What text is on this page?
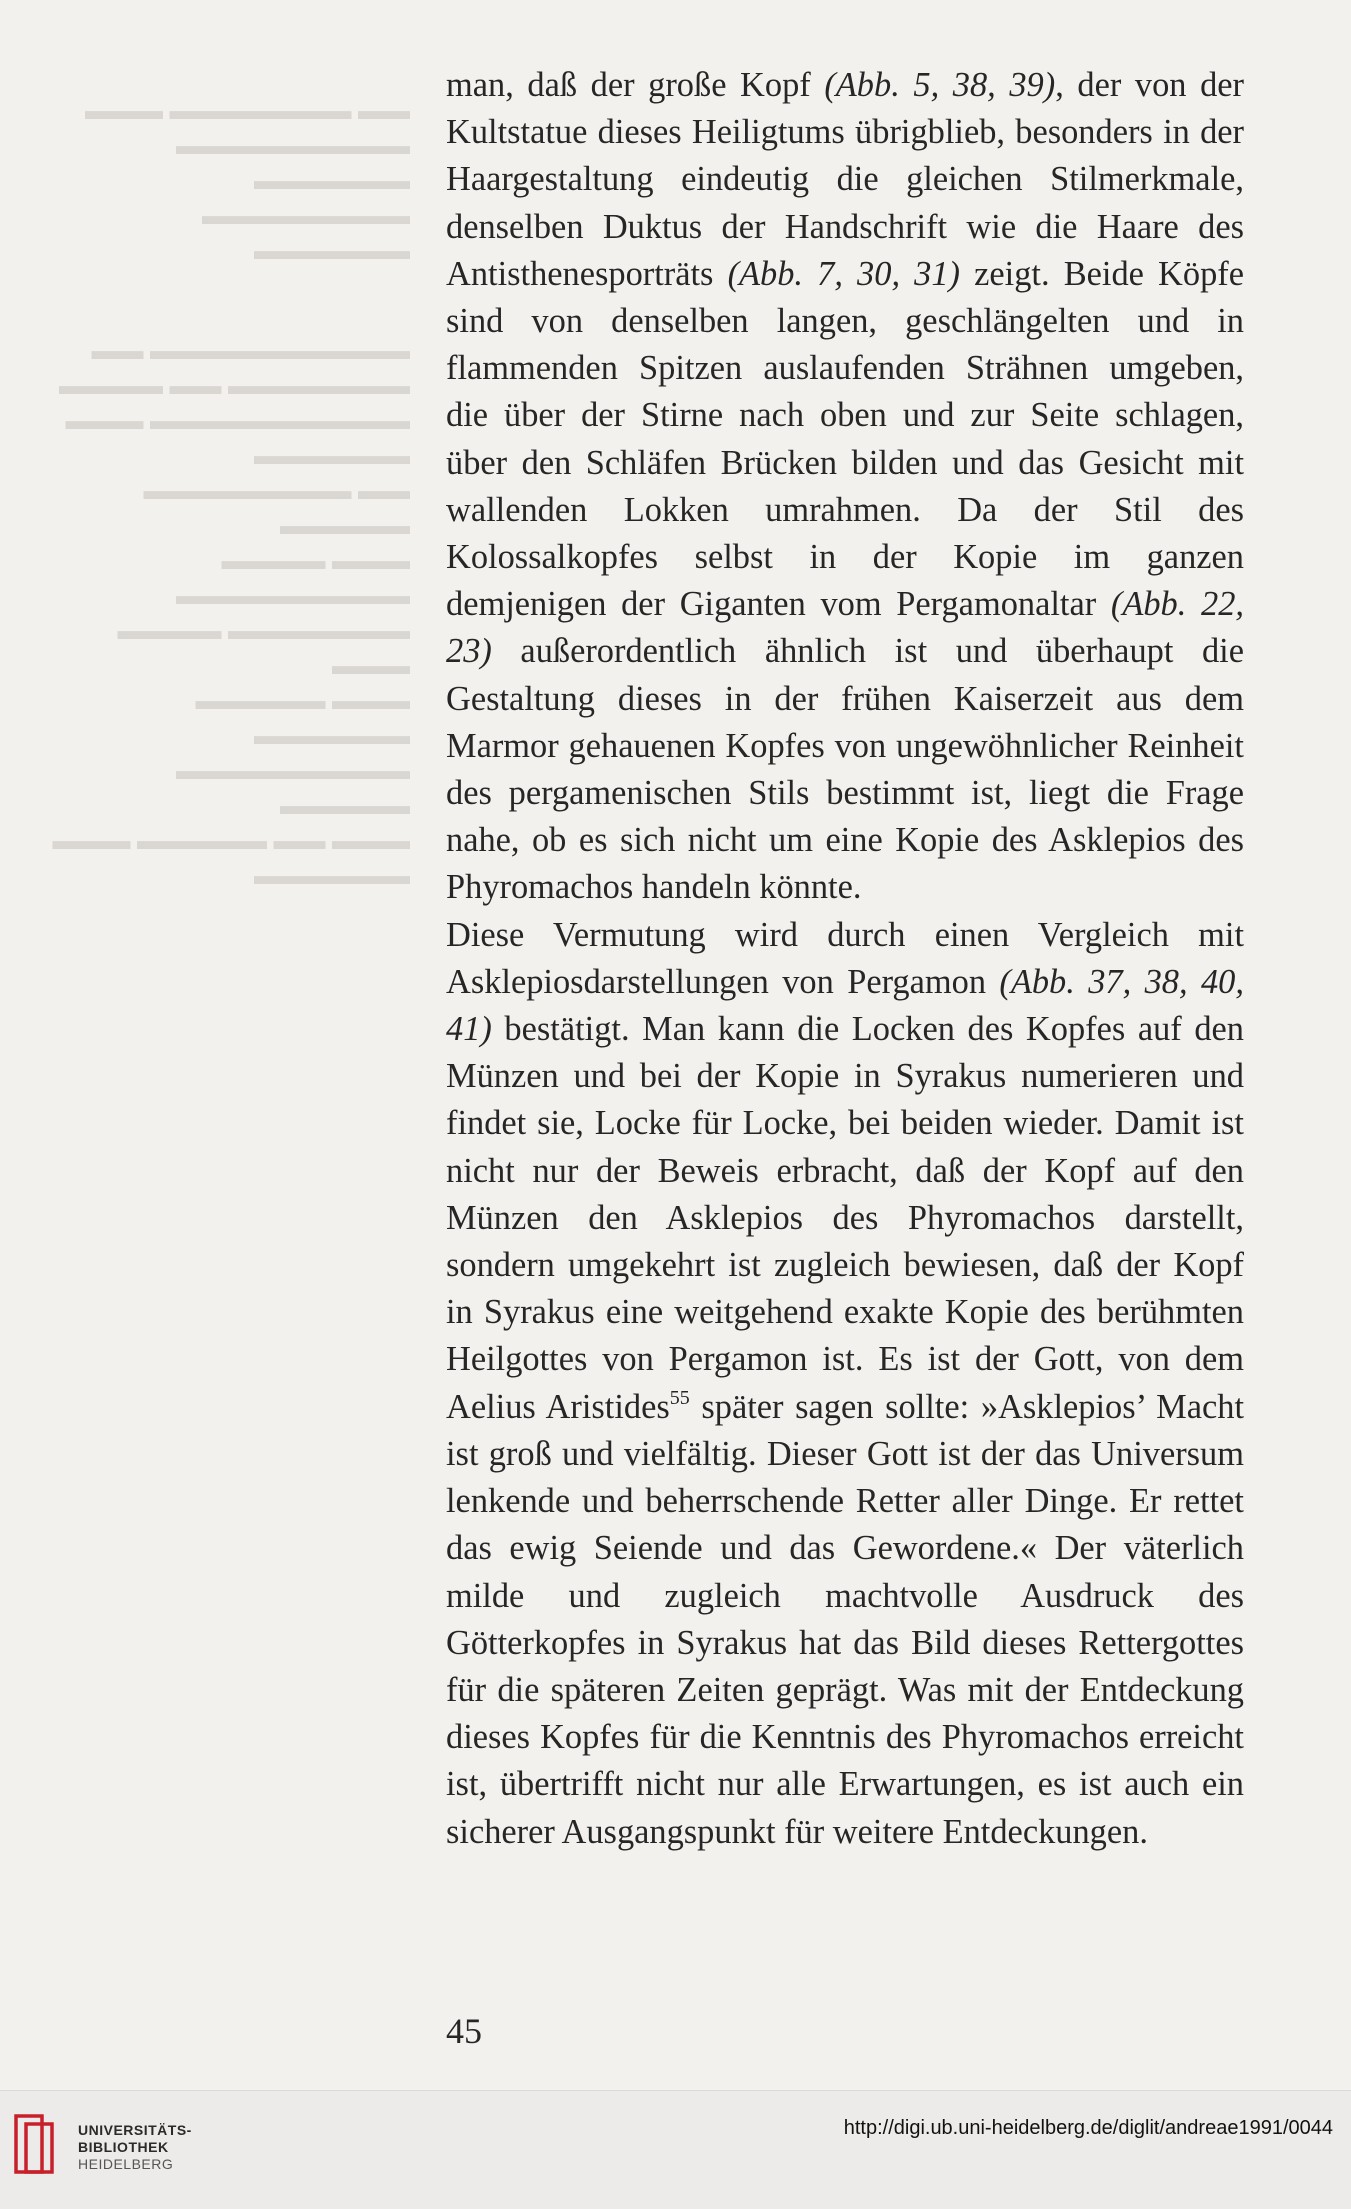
▬▬▬ ▬▬▬▬▬▬▬ ▬▬
▬▬▬▬▬▬▬▬▬ ▬▬▬▬▬▬
▬▬▬▬▬▬▬▬ ▬▬▬▬▬▬

▬▬ ▬▬▬▬▬▬▬▬▬▬
▬▬▬▬ ▬▬ ▬▬▬▬▬▬▬
▬▬▬ ▬▬▬▬▬▬▬▬▬▬
▬▬▬▬▬▬
▬▬▬▬▬▬▬▬ ▬▬ ▬▬▬▬▬
▬▬▬▬ ▬▬▬ ▬▬▬▬▬▬▬▬▬
▬▬▬▬ ▬▬▬▬▬▬▬ ▬▬▬
▬▬▬▬▬ ▬▬▬ ▬▬▬▬▬▬
▬▬▬▬▬▬▬▬▬ ▬▬▬▬▬
▬▬▬ ▬▬▬▬▬ ▬▬ ▬▬▬
▬▬▬▬▬▬

man, daß der große Kopf (Abb. 5, 38, 39), der von der Kultstatue dieses Heiligtums übrigblieb, besonders in der Haargestaltung eindeutig die gleichen Stilmerkmale, denselben Duktus der Handschrift wie die Haare des Antisthenesporträts (Abb. 7, 30, 31) zeigt. Beide Köpfe sind von denselben langen, geschlängelten und in flammenden Spitzen auslaufenden Strähnen umgeben, die über der Stirne nach oben und zur Seite schlagen, über den Schläfen Brücken bilden und das Gesicht mit wallenden Lokken umrahmen. Da der Stil des Kolossalkopfes selbst in der Kopie im ganzen demjenigen der Giganten vom Pergamonaltar (Abb. 22, 23) außerordentlich ähnlich ist und überhaupt die Gestaltung dieses in der frühen Kaiserzeit aus dem Marmor gehauenen Kopfes von ungewöhnlicher Reinheit des pergamenischen Stils bestimmt ist, liegt die Frage nahe, ob es sich nicht um eine Kopie des Asklepios des Phyromachos handeln könnte.

Diese Vermutung wird durch einen Vergleich mit Asklepiosdarstellungen von Pergamon (Abb. 37, 38, 40, 41) bestätigt. Man kann die Locken des Kopfes auf den Münzen und bei der Kopie in Syrakus numerieren und findet sie, Locke für Locke, bei beiden wieder. Damit ist nicht nur der Beweis erbracht, daß der Kopf auf den Münzen den Asklepios des Phyromachos darstellt, sondern umgekehrt ist zugleich bewiesen, daß der Kopf in Syrakus eine weitgehend exakte Kopie des berühmten Heilgottes von Pergamon ist. Es ist der Gott, von dem Aelius Aristides$^{55}$ später sagen sollte: »Asklepios’ Macht ist groß und vielfältig. Dieser Gott ist der das Universum lenkende und beherrschende Retter aller Dinge. Er rettet das ewig Seiende und das Gewordene.« Der väterlich milde und zugleich machtvolle Ausdruck des Götterkopfes in Syrakus hat das Bild dieses Rettergottes für die späteren Zeiten geprägt. Was mit der Entdeckung dieses Kopfes für die Kenntnis des Phyromachos erreicht ist, übertrifft nicht nur alle Erwartungen, es ist auch ein sicherer Ausgangspunkt für weitere Entdeckungen.

45
UNIVERSITÄTS-
BIBLIOTHEK
HEIDELBERG
http://digi.ub.uni-heidelberg.de/diglit/andreae1991/0044
